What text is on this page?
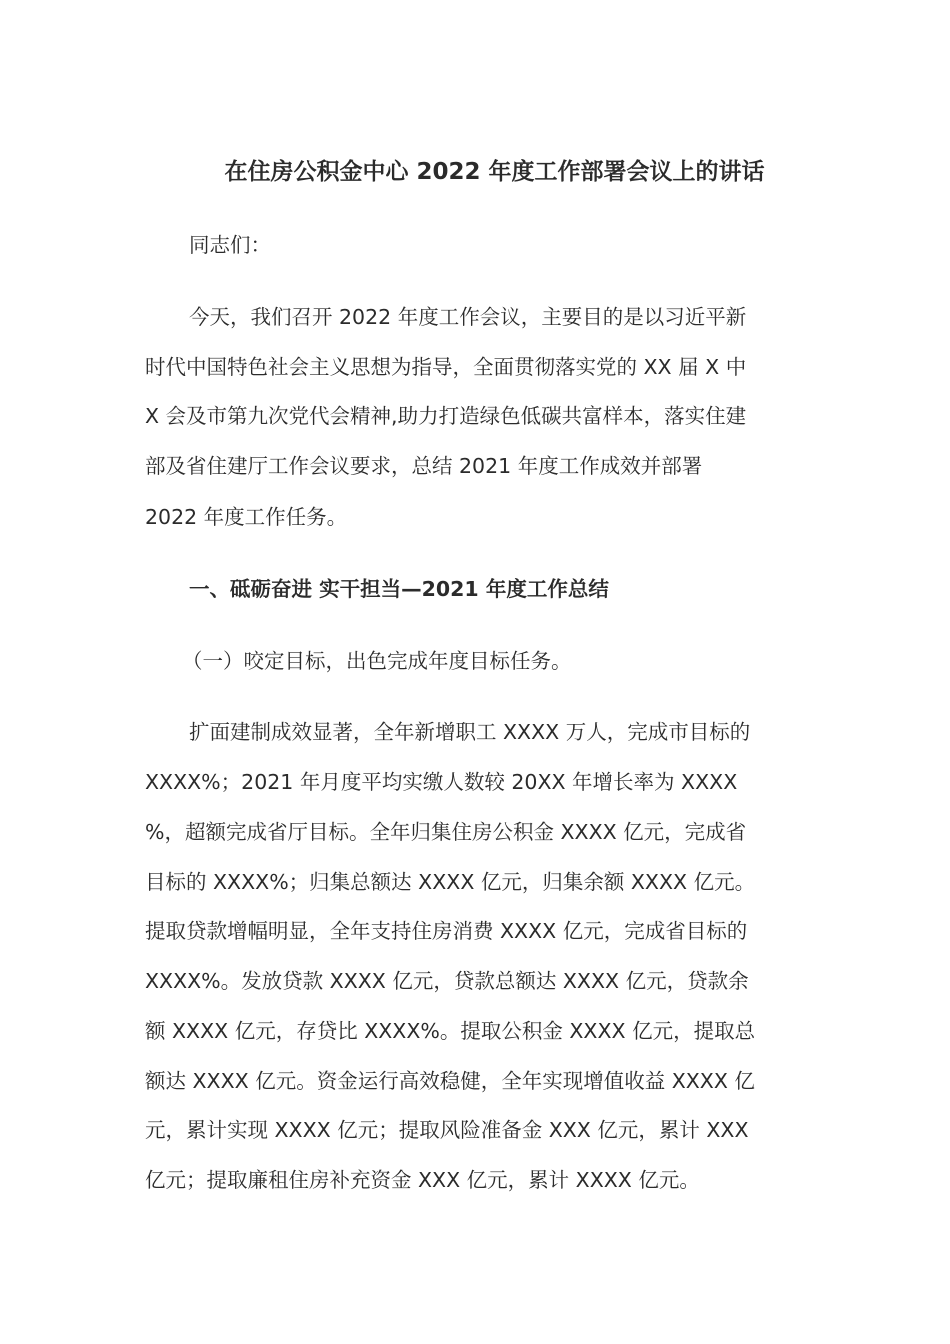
在住房公积金中心 2022 年度工作部署会议上的讲话
同志们：
今天，我们召开 2022 年度工作会议，主要目的是以习近平新
时代中国特色社会主义思想为指导，全面贯彻落实党的 XX 届 X 中
X 会及市第九次党代会精神,助力打造绿色低碳共富样本，落实住建
部及省住建厅工作会议要求，总结 2021 年度工作成效并部署
2022 年度工作任务。
一、砥砺奋进 实干担当—2021 年度工作总结
（一）咬定目标，出色完成年度目标任务。
扩面建制成效显著，全年新增职工 XXXX 万人，完成市目标的
XXXX%；2021 年月度平均实缴人数较 20XX 年增长率为 XXXX
%，超额完成省厅目标。全年归集住房公积金 XXXX 亿元，完成省
目标的 XXXX%；归集总额达 XXXX 亿元，归集余额 XXXX 亿元。
提取贷款增幅明显，全年支持住房消费 XXXX 亿元，完成省目标的
XXXX%。发放贷款 XXXX 亿元，贷款总额达 XXXX 亿元，贷款余
额 XXXX 亿元，存贷比 XXXX%。提取公积金 XXXX 亿元，提取总
额达 XXXX 亿元。资金运行高效稳健，全年实现增值收益 XXXX 亿
元，累计实现 XXXX 亿元；提取风险准备金 XXX 亿元，累计 XXX
亿元；提取廉租住房补充资金 XXX 亿元，累计 XXXX 亿元。
